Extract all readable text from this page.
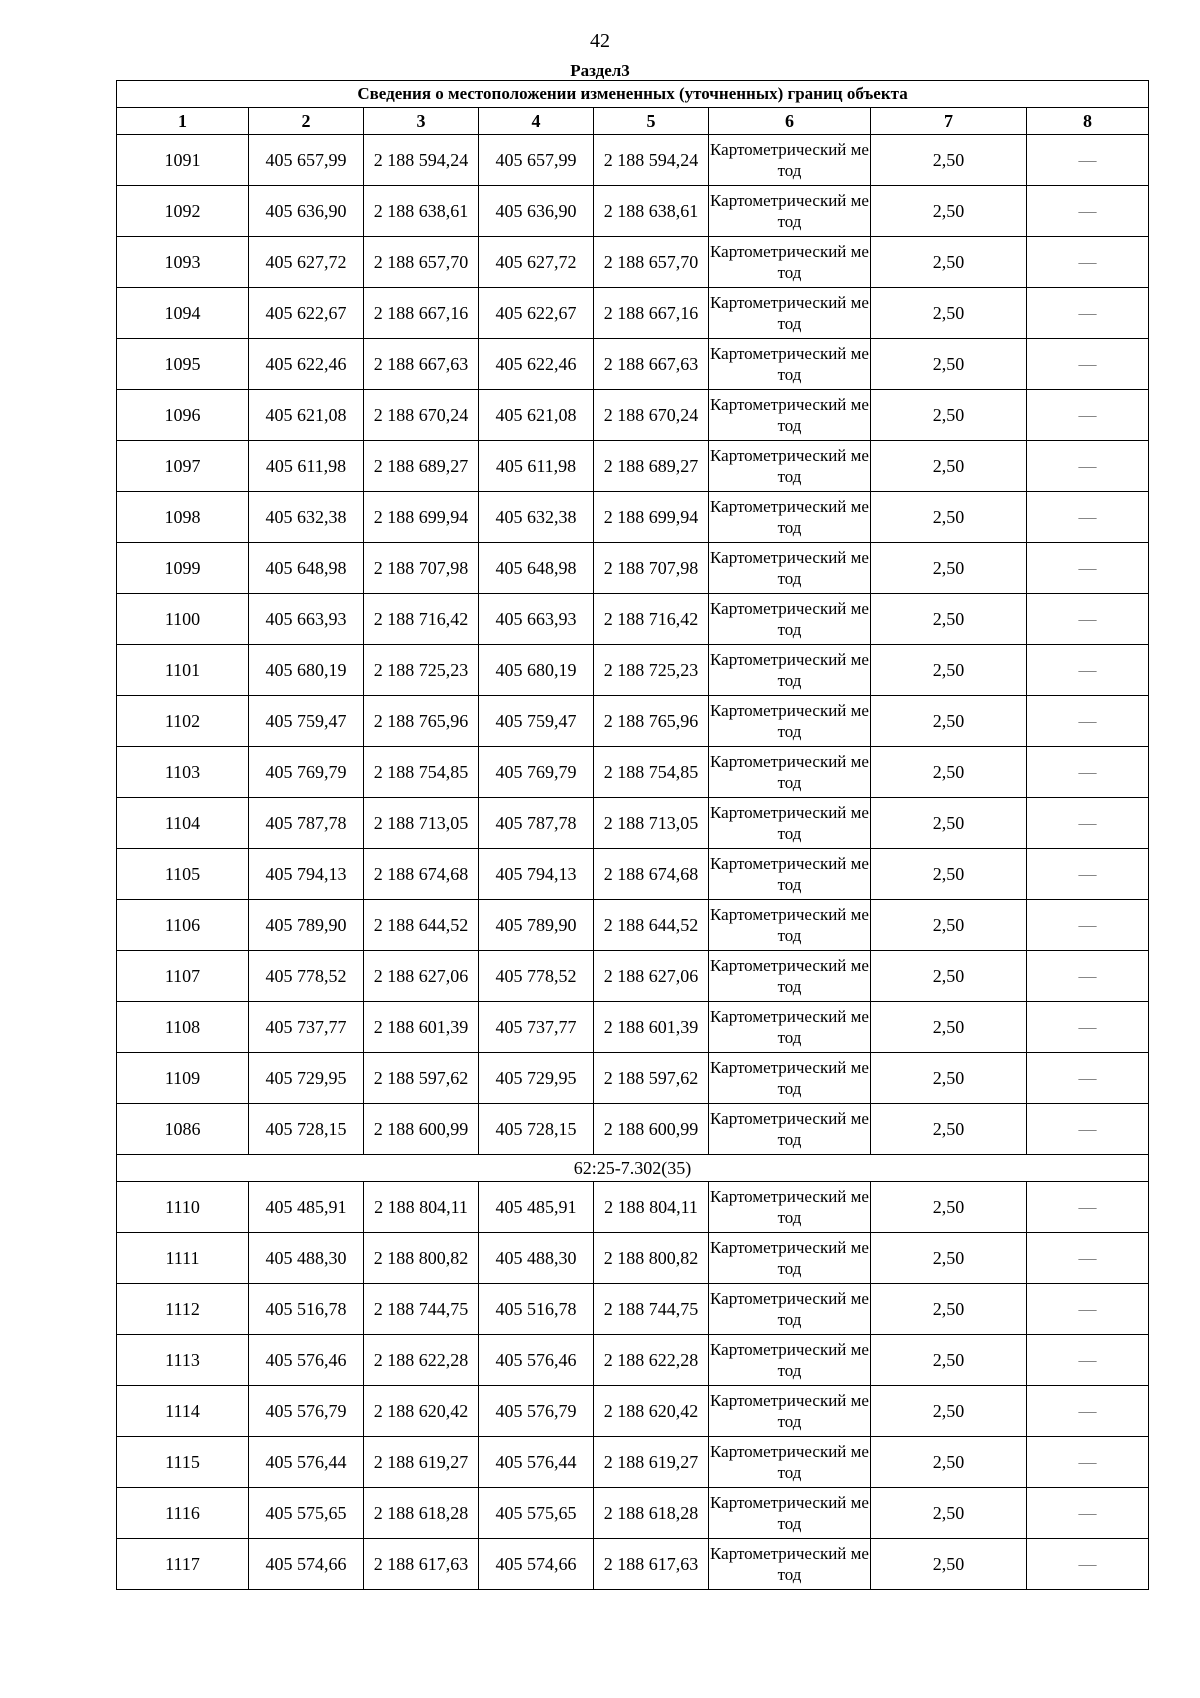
42
Раздел3
Сведения о местоположении измененных (уточненных) границ объекта							
1	2	3	4	5	6	7	8
1091	405 657,99	2 188 594,24	405 657,99	2 188 594,24	Картометрический метод	2,50	—
1092	405 636,90	2 188 638,61	405 636,90	2 188 638,61	Картометрический метод	2,50	—
1093	405 627,72	2 188 657,70	405 627,72	2 188 657,70	Картометрический метод	2,50	—
1094	405 622,67	2 188 667,16	405 622,67	2 188 667,16	Картометрический метод	2,50	—
1095	405 622,46	2 188 667,63	405 622,46	2 188 667,63	Картометрический метод	2,50	—
1096	405 621,08	2 188 670,24	405 621,08	2 188 670,24	Картометрический метод	2,50	—
1097	405 611,98	2 188 689,27	405 611,98	2 188 689,27	Картометрический метод	2,50	—
1098	405 632,38	2 188 699,94	405 632,38	2 188 699,94	Картометрический метод	2,50	—
1099	405 648,98	2 188 707,98	405 648,98	2 188 707,98	Картометрический метод	2,50	—
1100	405 663,93	2 188 716,42	405 663,93	2 188 716,42	Картометрический метод	2,50	—
1101	405 680,19	2 188 725,23	405 680,19	2 188 725,23	Картометрический метод	2,50	—
1102	405 759,47	2 188 765,96	405 759,47	2 188 765,96	Картометрический метод	2,50	—
1103	405 769,79	2 188 754,85	405 769,79	2 188 754,85	Картометрический метод	2,50	—
1104	405 787,78	2 188 713,05	405 787,78	2 188 713,05	Картометрический метод	2,50	—
1105	405 794,13	2 188 674,68	405 794,13	2 188 674,68	Картометрический метод	2,50	—
1106	405 789,90	2 188 644,52	405 789,90	2 188 644,52	Картометрический метод	2,50	—
1107	405 778,52	2 188 627,06	405 778,52	2 188 627,06	Картометрический метод	2,50	—
1108	405 737,77	2 188 601,39	405 737,77	2 188 601,39	Картометрический метод	2,50	—
1109	405 729,95	2 188 597,62	405 729,95	2 188 597,62	Картометрический метод	2,50	—
1086	405 728,15	2 188 600,99	405 728,15	2 188 600,99	Картометрический метод	2,50	—
62:25-7.302(35)							
1110	405 485,91	2 188 804,11	405 485,91	2 188 804,11	Картометрический метод	2,50	—
1111	405 488,30	2 188 800,82	405 488,30	2 188 800,82	Картометрический метод	2,50	—
1112	405 516,78	2 188 744,75	405 516,78	2 188 744,75	Картометрический метод	2,50	—
1113	405 576,46	2 188 622,28	405 576,46	2 188 622,28	Картометрический метод	2,50	—
1114	405 576,79	2 188 620,42	405 576,79	2 188 620,42	Картометрический метод	2,50	—
1115	405 576,44	2 188 619,27	405 576,44	2 188 619,27	Картометрический метод	2,50	—
1116	405 575,65	2 188 618,28	405 575,65	2 188 618,28	Картометрический метод	2,50	—
1117	405 574,66	2 188 617,63	405 574,66	2 188 617,63	Картометрический метод	2,50	—
